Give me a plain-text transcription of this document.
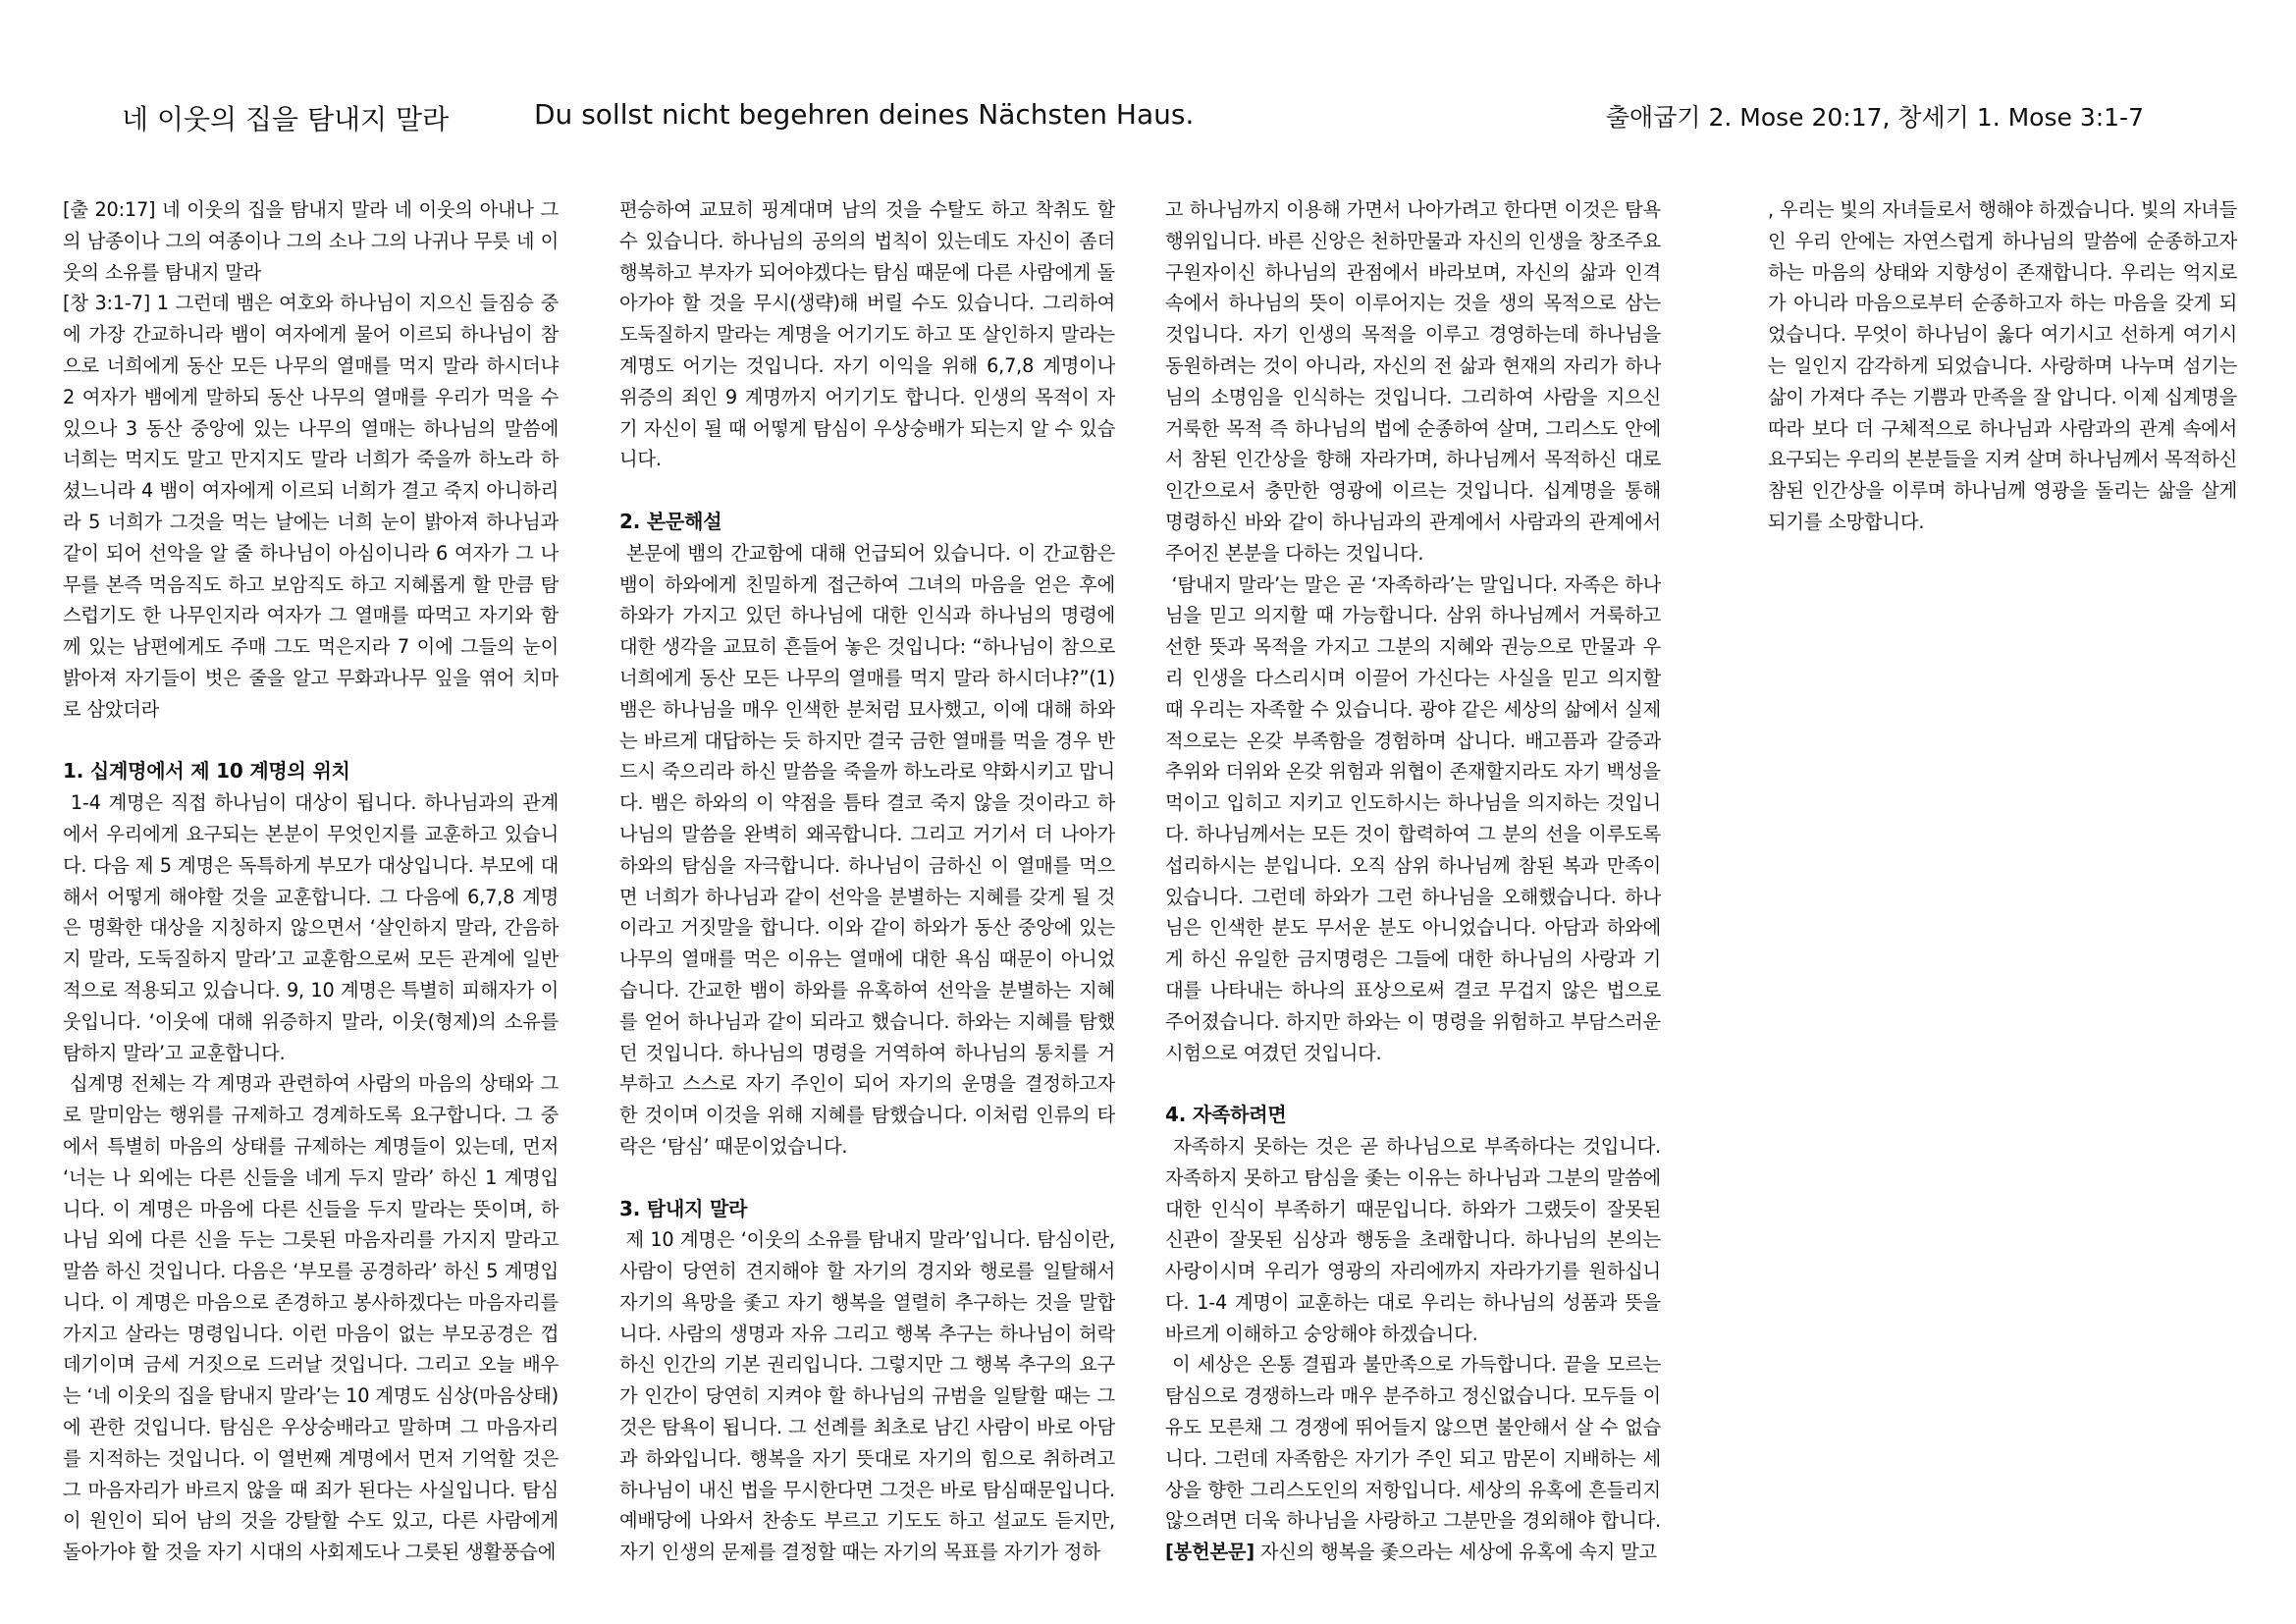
네 이웃의 집을 탐내지 말라	Du sollst nicht begehren deines Nächsten Haus.	출애굽기 2. Mose 20:17, 창세기 1. Mose 3:1-7

[출 20:17] 네 이웃의 집을 탐내지 말라 네 이웃의 아내나 그의 남종이나 그의 여종이나 그의 소나 그의 나귀나 무릇 네 이웃의 소유를 탐내지 말라

[창 3:1-7] 1 그런데 뱀은 여호와 하나님이 지으신 들짐승 중에 가장 간교하니라 뱀이 여자에게 물어 이르되 하나님이 참으로 너희에게 동산 모든 나무의 열매를 먹지 말라 하시더냐 2 여자가 뱀에게 말하되 동산 나무의 열매를 우리가 먹을 수 있으나 3 동산 중앙에 있는 나무의 열매는 하나님의 말씀에 너희는 먹지도 말고 만지지도 말라 너희가 죽을까 하노라 하셨느니라 4 뱀이 여자에게 이르되 너희가 결고 죽지 아니하리라 5 너희가 그것을 먹는 날에는 너희 눈이 밝아져 하나님과 같이 되어 선악을 알 줄 하나님이 아심이니라 6 여자가 그 나무를 본즉 먹음직도 하고 보암직도 하고 지혜롭게 할 만큼 탐스럽기도 한 나무인지라 여자가 그 열매를 따먹고 자기와 함께 있는 남편에게도 주매 그도 먹은지라 7 이에 그들의 눈이 밝아져 자기들이 벗은 줄을 알고 무화과나무 잎을 엮어 치마로 삼았더라

1. 십계명에서 제 10 계명의 위치

1-4 계명은 직접 하나님이 대상이 됩니다. 하나님과의 관계에서 우리에게 요구되는 본분이 무엇인지를 교훈하고 있습니다. 다음 제 5 계명은 독특하게 부모가 대상입니다. 부모에 대해서 어떻게 해야할 것을 교훈합니다. 그 다음에 6,7,8 계명은 명확한 대상을 지칭하지 않으면서 ‘살인하지 말라, 간음하지 말라, 도둑질하지 말라’고 교훈함으로써 모든 관계에 일반적으로 적용되고 있습니다. 9, 10 계명은 특별히 피해자가 이웃입니다. ‘이웃에 대해 위증하지 말라, 이웃(형제)의 소유를 탐하지 말라’고 교훈합니다.

십계명 전체는 각 계명과 관련하여 사람의 마음의 상태와 그로 말미암는 행위를 규제하고 경계하도록 요구합니다. 그 중에서 특별히 마음의 상태를 규제하는 계명들이 있는데, 먼저 ‘너는 나 외에는 다른 신들을 네게 두지 말라’ 하신 1 계명입니다. 이 계명은 마음에 다른 신들을 두지 말라는 뜻이며, 하나님 외에 다른 신을 두는 그릇된 마음자리를 가지지 말라고 말씀 하신 것입니다. 다음은 ‘부모를 공경하라’ 하신 5 계명입니다. 이 계명은 마음으로 존경하고 봉사하겠다는 마음자리를 가지고 살라는 명령입니다. 이런 마음이 없는 부모공경은 껍데기이며 금세 거짓으로 드러날 것입니다. 그리고 오늘 배우는 ‘네 이웃의 집을 탐내지 말라’는 10 계명도 심상(마음상태)에 관한 것입니다. 탐심은 우상숭배라고 말하며 그 마음자리를 지적하는 것입니다. 이 열번째 계명에서 먼저 기억할 것은 그 마음자리가 바르지 않을 때 죄가 된다는 사실입니다. 탐심이 원인이 되어 남의 것을 강탈할 수도 있고, 다른 사람에게 돌아가야 할 것을 자기 시대의 사회제도나 그릇된 생활풍습에

편승하여 교묘히 핑계대며 남의 것을 수탈도 하고 착취도 할 수 있습니다. 하나님의 공의의 법칙이 있는데도 자신이 좀더 행복하고 부자가 되어야겠다는 탐심 때문에 다른 사람에게 돌아가야 할 것을 무시(생략)해 버릴 수도 있습니다. 그리하여 도둑질하지 말라는 계명을 어기기도 하고 또 살인하지 말라는 계명도 어기는 것입니다. 자기 이익을 위해 6,7,8 계명이나 위증의 죄인 9 계명까지 어기기도 합니다. 인생의 목적이 자기 자신이 될 때 어떻게 탐심이 우상숭배가 되는지 알 수 있습니다.

2. 본문해설

본문에 뱀의 간교함에 대해 언급되어 있습니다. 이 간교함은 뱀이 하와에게 친밀하게 접근하여 그녀의 마음을 얻은 후에 하와가 가지고 있던 하나님에 대한 인식과 하나님의 명령에 대한 생각을 교묘히 흔들어 놓은 것입니다: “하나님이 참으로 너희에게 동산 모든 나무의 열매를 먹지 말라 하시더냐?”(1) 뱀은 하나님을 매우 인색한 분처럼 묘사했고, 이에 대해 하와는 바르게 대답하는 듯 하지만 결국 금한 열매를 먹을 경우 반드시 죽으리라 하신 말씀을 죽을까 하노라로 약화시키고 맙니다. 뱀은 하와의 이 약점을 틈타 결코 죽지 않을 것이라고 하나님의 말씀을 완벽히 왜곡합니다. 그리고 거기서 더 나아가 하와의 탐심을 자극합니다. 하나님이 금하신 이 열매를 먹으면 너희가 하나님과 같이 선악을 분별하는 지혜를 갖게 될 것이라고 거짓말을 합니다. 이와 같이 하와가 동산 중앙에 있는 나무의 열매를 먹은 이유는 열매에 대한 욕심 때문이 아니었습니다. 간교한 뱀이 하와를 유혹하여 선악을 분별하는 지혜를 얻어 하나님과 같이 되라고 했습니다. 하와는 지혜를 탐했던 것입니다. 하나님의 명령을 거역하여 하나님의 통치를 거부하고 스스로 자기 주인이 되어 자기의 운명을 결정하고자 한 것이며 이것을 위해 지혜를 탐했습니다. 이처럼 인류의 타락은 ‘탐심’ 때문이었습니다.

3. 탐내지 말라

제 10 계명은 ‘이웃의 소유를 탐내지 말라’입니다. 탐심이란, 사람이 당연히 견지해야 할 자기의 경지와 행로를 일탈해서 자기의 욕망을 좇고 자기 행복을 열렬히 추구하는 것을 말합니다. 사람의 생명과 자유 그리고 행복 추구는 하나님이 허락하신 인간의 기본 권리입니다. 그렇지만 그 행복 추구의 요구가 인간이 당연히 지켜야 할 하나님의 규범을 일탈할 때는 그것은 탐욕이 됩니다. 그 선례를 최초로 남긴 사람이 바로 아담과 하와입니다. 행복을 자기 뜻대로 자기의 힘으로 취하려고 하나님이 내신 법을 무시한다면 그것은 바로 탐심때문입니다. 예배당에 나와서 찬송도 부르고 기도도 하고 설교도 듣지만, 자기 인생의 문제를 결정할 때는 자기의 목표를 자기가 정하

고 하나님까지 이용해 가면서 나아가려고 한다면 이것은 탐욕 행위입니다. 바른 신앙은 천하만물과 자신의 인생을 창조주요 구원자이신 하나님의 관점에서 바라보며, 자신의 삶과 인격 속에서 하나님의 뜻이 이루어지는 것을 생의 목적으로 삼는 것입니다. 자기 인생의 목적을 이루고 경영하는데 하나님을 동원하려는 것이 아니라, 자신의 전 삶과 현재의 자리가 하나님의 소명임을 인식하는 것입니다. 그리하여 사람을 지으신 거룩한 목적 즉 하나님의 법에 순종하여 살며, 그리스도 안에서 참된 인간상을 향해 자라가며, 하나님께서 목적하신 대로 인간으로서 충만한 영광에 이르는 것입니다. 십계명을 통해 명령하신 바와 같이 하나님과의 관계에서 사람과의 관계에서 주어진 본분을 다하는 것입니다.

‘탐내지 말라’는 말은 곧 ‘자족하라’는 말입니다. 자족은 하나님을 믿고 의지할 때 가능합니다. 삼위 하나님께서 거룩하고 선한 뜻과 목적을 가지고 그분의 지혜와 권능으로 만물과 우리 인생을 다스리시며 이끌어 가신다는 사실을 믿고 의지할 때 우리는 자족할 수 있습니다. 광야 같은 세상의 삶에서 실제적으로는 온갖 부족함을 경험하며 삽니다. 배고픔과 갈증과 추위와 더위와 온갖 위험과 위협이 존재할지라도 자기 백성을 먹이고 입히고 지키고 인도하시는 하나님을 의지하는 것입니다. 하나님께서는 모든 것이 합력하여 그 분의 선을 이루도록 섭리하시는 분입니다. 오직 삼위 하나님께 참된 복과 만족이 있습니다. 그런데 하와가 그런 하나님을 오해했습니다. 하나님은 인색한 분도 무서운 분도 아니었습니다. 아담과 하와에게 하신 유일한 금지명령은 그들에 대한 하나님의 사랑과 기대를 나타내는 하나의 표상으로써 결코 무겁지 않은 법으로 주어졌습니다. 하지만 하와는 이 명령을 위험하고 부담스러운 시험으로 여겼던 것입니다.

4. 자족하려면

자족하지 못하는 것은 곧 하나님으로 부족하다는 것입니다. 자족하지 못하고 탐심을 좇는 이유는 하나님과 그분의 말씀에 대한 인식이 부족하기 때문입니다. 하와가 그랬듯이 잘못된 신관이 잘못된 심상과 행동을 초래합니다. 하나님의 본의는 사랑이시며 우리가 영광의 자리에까지 자라가기를 원하십니다. 1-4 계명이 교훈하는 대로 우리는 하나님의 성품과 뜻을 바르게 이해하고 숭앙해야 하겠습니다.

이 세상은 온통 결핍과 불만족으로 가득합니다. 끝을 모르는 탐심으로 경쟁하느라 매우 분주하고 정신없습니다. 모두들 이유도 모른채 그 경쟁에 뛰어들지 않으면 불안해서 살 수 없습니다. 그런데 자족함은 자기가 주인 되고 맘몬이 지배하는 세상을 향한 그리스도인의 저항입니다. 세상의 유혹에 흔들리지 않으려면 더욱 하나님을 사랑하고 그분만을 경외해야 합니다. [봉헌본문] 자신의 행복을 좇으라는 세상에 유혹에 속지 말고

, 우리는 빛의 자녀들로서 행해야 하겠습니다. 빛의 자녀들인 우리 안에는 자연스럽게 하나님의 말씀에 순종하고자 하는 마음의 상태와 지향성이 존재합니다. 우리는 억지로가 아니라 마음으로부터 순종하고자 하는 마음을 갖게 되었습니다. 무엇이 하나님이 옳다 여기시고 선하게 여기시는 일인지 감각하게 되었습니다. 사랑하며 나누며 섬기는 삶이 가져다 주는 기쁨과 만족을 잘 압니다. 이제 십계명을 따라 보다 더 구체적으로 하나님과 사람과의 관계 속에서 요구되는 우리의 본분들을 지켜 살며 하나님께서 목적하신 참된 인간상을 이루며 하나님께 영광을 돌리는 삶을 살게 되기를 소망합니다.
